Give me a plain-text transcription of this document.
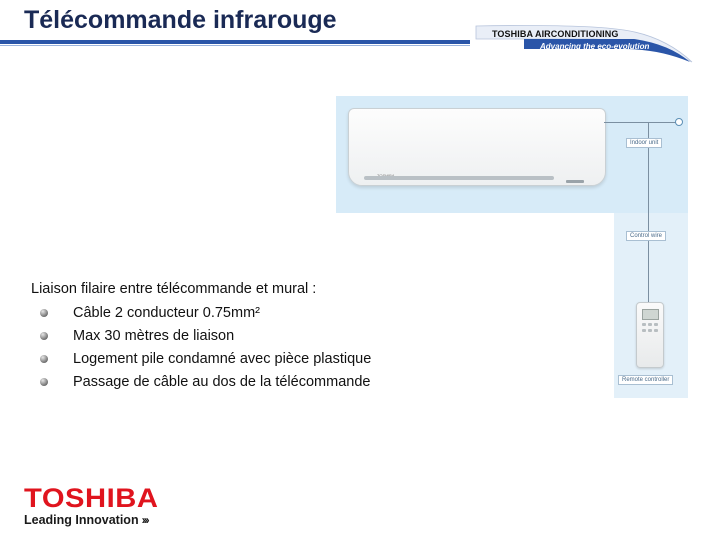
Télécommande infrarouge	TOSHIBA AIRCONDITIONING
Advancing the eco-evolution
Indoor unit
Control wire
Remote controller
Liaison filaire entre télécommande et mural :
Câble 2 conducteur 0.75mm²
Max 30 mètres de liaison
Logement pile condamné avec pièce plastique
Passage de câble au dos de la télécommande
TOSHIBA
Leading Innovation ›››
